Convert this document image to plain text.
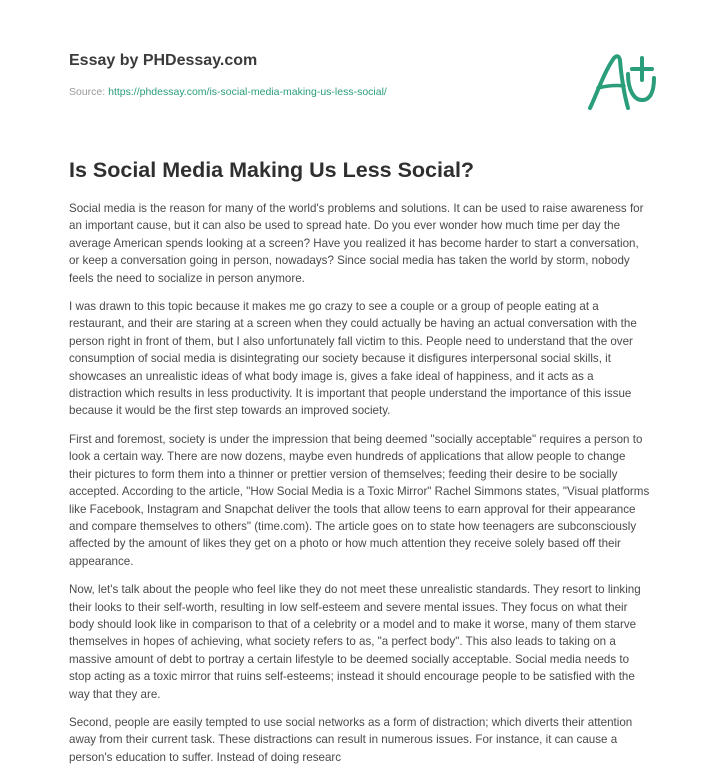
Essay by PHDessay.com
Source: https://phdessay.com/is-social-media-making-us-less-social/
Is Social Media Making Us Less Social?

Social media is the reason for many of the world's problems and solutions. It can be used to raise awareness for
an important cause, but it can also be used to spread hate. Do you ever wonder how much time per day the
average American spends looking at a screen? Have you realized it has become harder to start a conversation,
or keep a conversation going in person, nowadays? Since social media has taken the world by storm, nobody
feels the need to socialize in person anymore.

I was drawn to this topic because it makes me go crazy to see a couple or a group of people eating at a
restaurant, and their are staring at a screen when they could actually be having an actual conversation with the
person right in front of them, but I also unfortunately fall victim to this. People need to understand that the over
consumption of social media is disintegrating our society because it disfigures interpersonal social skills, it
showcases an unrealistic ideas of what body image is, gives a fake ideal of happiness, and it acts as a
distraction which results in less productivity. It is important that people understand the importance of this issue
because it would be the first step towards an improved society.

First and foremost, society is under the impression that being deemed "socially acceptable" requires a person to
look a certain way. There are now dozens, maybe even hundreds of applications that allow people to change
their pictures to form them into a thinner or prettier version of themselves; feeding their desire to be socially
accepted. According to the article, "How Social Media is a Toxic Mirror" Rachel Simmons states, "Visual platforms
like Facebook, Instagram and Snapchat deliver the tools that allow teens to earn approval for their appearance
and compare themselves to others" (time.com). The article goes on to state how teenagers are subconsciously
affected by the amount of likes they get on a photo or how much attention they receive solely based off their
appearance.

Now, let's talk about the people who feel like they do not meet these unrealistic standards. They resort to linking
their looks to their self-worth, resulting in low self-esteem and severe mental issues. They focus on what their
body should look like in comparison to that of a celebrity or a model and to make it worse, many of them starve
themselves in hopes of achieving, what society refers to as, "a perfect body". This also leads to taking on a
massive amount of debt to portray a certain lifestyle to be deemed socially acceptable. Social media needs to
stop acting as a toxic mirror that ruins self-esteems; instead it should encourage people to be satisfied with the
way that they are.

Second, people are easily tempted to use social networks as a form of distraction; which diverts their attention
away from their current task. These distractions can result in numerous issues. For instance, it can cause a
person's education to suffer. Instead of doing researc
